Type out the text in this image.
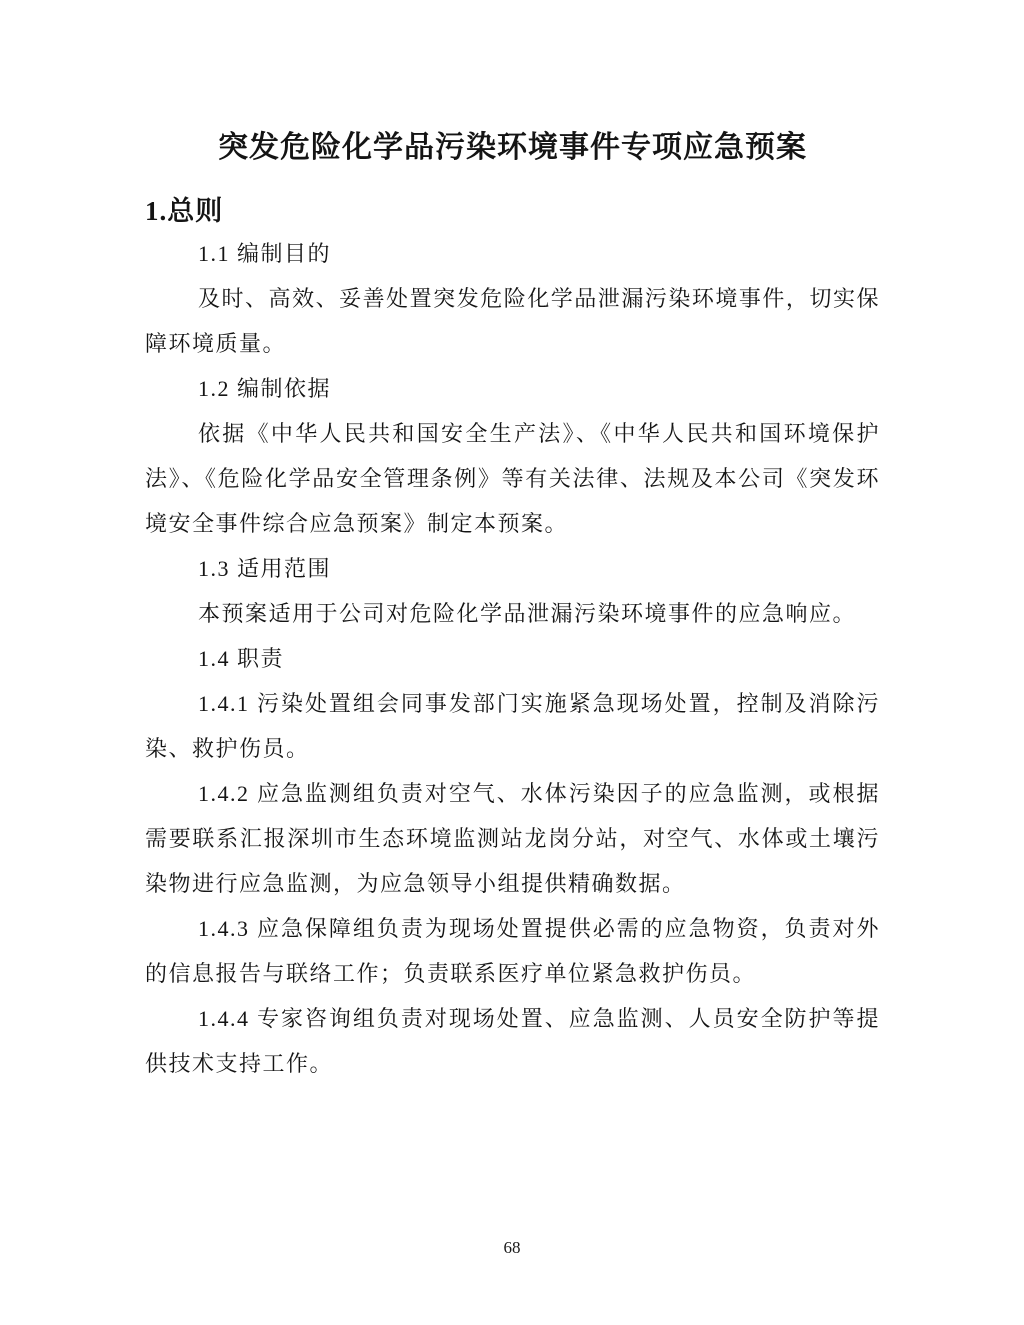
突发危险化学品污染环境事件专项应急预案
1.总则

1.1 编制目的

及时、高效、妥善处置突发危险化学品泄漏污染环境事件，切实保障环境质量。

1.2 编制依据

依据《中华人民共和国安全生产法》、《中华人民共和国环境保护法》、《危险化学品安全管理条例》等有关法律、法规及本公司《突发环境安全事件综合应急预案》制定本预案。

1.3 适用范围

本预案适用于公司对危险化学品泄漏污染环境事件的应急响应。

1.4 职责

1.4.1 污染处置组会同事发部门实施紧急现场处置，控制及消除污染、救护伤员。

1.4.2 应急监测组负责对空气、水体污染因子的应急监测，或根据需要联系汇报深圳市生态环境监测站龙岗分站，对空气、水体或土壤污染物进行应急监测，为应急领导小组提供精确数据。

1.4.3 应急保障组负责为现场处置提供必需的应急物资，负责对外的信息报告与联络工作；负责联系医疗单位紧急救护伤员。

1.4.4 专家咨询组负责对现场处置、应急监测、人员安全防护等提供技术支持工作。

68
